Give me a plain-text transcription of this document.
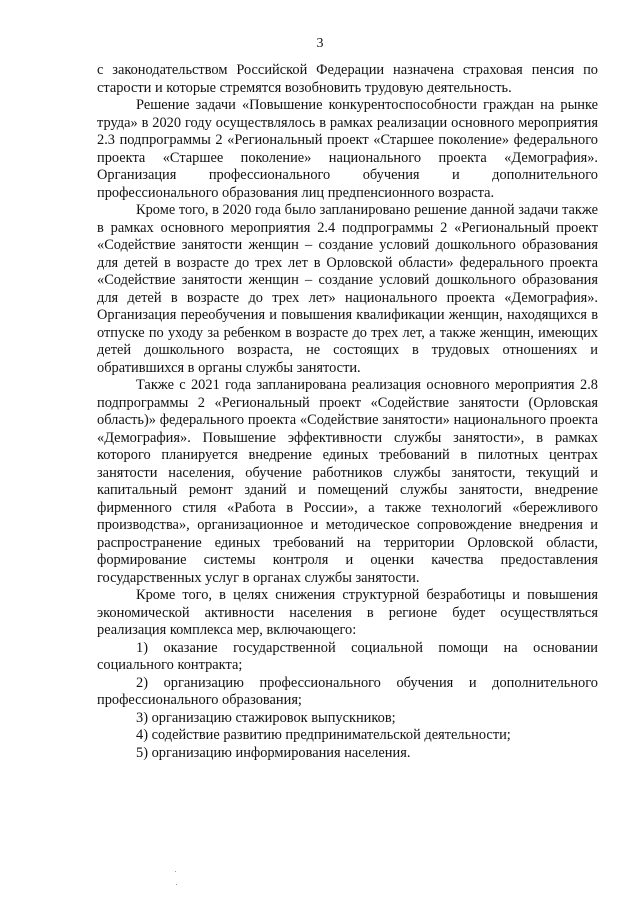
3

с законодательством Российской Федерации назначена страховая пенсия по старости и которые стремятся возобновить трудовую деятельность.

Решение задачи «Повышение конкурентоспособности граждан на рынке труда» в 2020 году осуществлялось в рамках реализации основного мероприятия 2.3 подпрограммы 2 «Региональный проект «Старшее поколение» федерального проекта «Старшее поколение» национального проекта «Демография». Организация профессионального обучения и дополнительного профессионального образования лиц предпенсионного возраста.

Кроме того, в 2020 года было запланировано решение данной задачи также в рамках основного мероприятия 2.4 подпрограммы 2 «Региональный проект «Содействие занятости женщин – создание условий дошкольного образования для детей в возрасте до трех лет в Орловской области» федерального проекта «Содействие занятости женщин – создание условий дошкольного образования для детей в возрасте до трех лет» национального проекта «Демография». Организация переобучения и повышения квалификации женщин, находящихся в отпуске по уходу за ребенком в возрасте до трех лет, а также женщин, имеющих детей дошкольного возраста, не состоящих в трудовых отношениях и обратившихся в органы службы занятости.

Также с 2021 года запланирована реализация основного мероприятия 2.8 подпрограммы 2 «Региональный проект «Содействие занятости (Орловская область)» федерального проекта «Содействие занятости» национального проекта «Демография». Повышение эффективности службы занятости», в рамках которого планируется внедрение единых требований в пилотных центрах занятости населения, обучение работников службы занятости, текущий и капитальный ремонт зданий и помещений службы занятости, внедрение фирменного стиля «Работа в России», а также технологий «бережливого производства», организационное и методическое сопровождение внедрения и распространение единых требований на территории Орловской области, формирование системы контроля и оценки качества предоставления государственных услуг в органах службы занятости.

Кроме того, в целях снижения структурной безработицы и повышения экономической активности населения в регионе будет осуществляться реализация комплекса мер, включающего:

1) оказание государственной социальной помощи на основании социального контракта;

2) организацию профессионального обучения и дополнительного профессионального образования;

3) организацию стажировок выпускников;

4) содействие развитию предпринимательской деятельности;

5) организацию информирования населения.
